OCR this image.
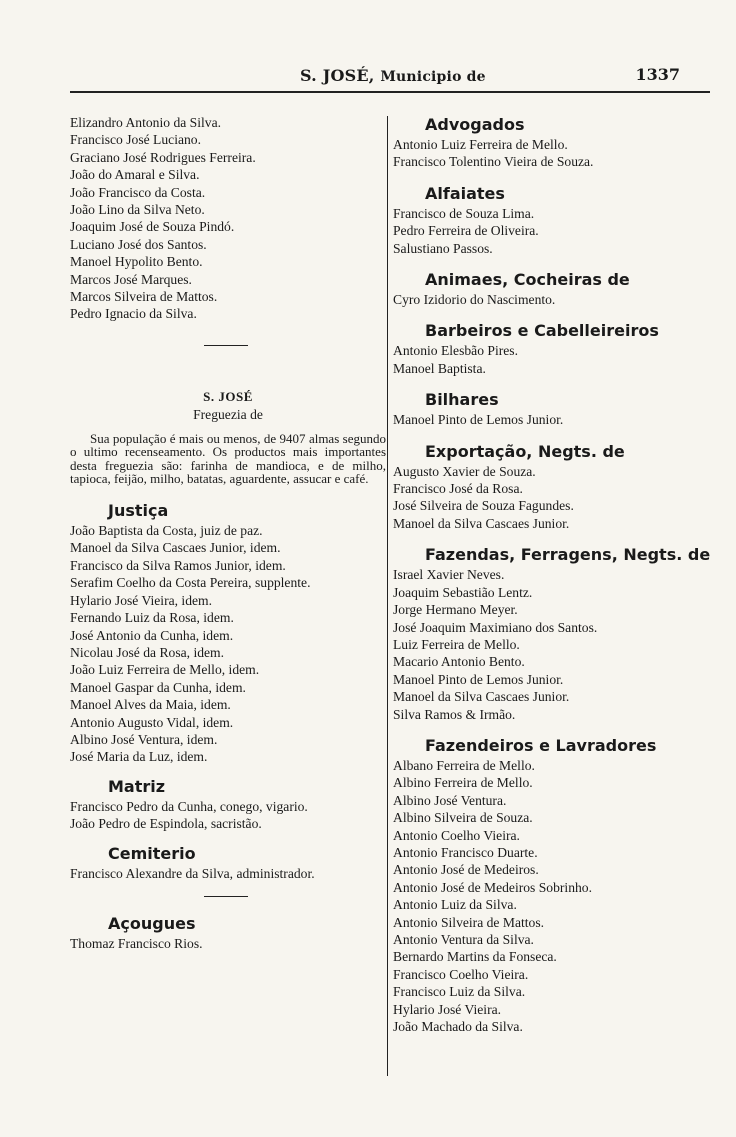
S. JOSÉ, Municipio de	1337
Elizandro Antonio da Silva.
Francisco José Luciano.
Graciano José Rodrigues Ferreira.
João do Amaral e Silva.
João Francisco da Costa.
João Lino da Silva Neto.
Joaquim José de Souza Pindó.
Luciano José dos Santos.
Manoel Hypolito Bento.
Marcos José Marques.
Marcos Silveira de Mattos.
Pedro Ignacio da Silva.
S. JOSÉ
Freguezia de
Sua população é mais ou menos, de 9407 almas segundo o ultimo recenseamento. Os productos mais importantes desta freguezia são: farinha de mandioca, e de milho, tapioca, feijão, milho, batatas, aguardente, assucar e café.
Justiça
João Baptista da Costa, juiz de paz.
Manoel da Silva Cascaes Junior, idem.
Francisco da Silva Ramos Junior, idem.
Serafim Coelho da Costa Pereira, supplente.
Hylario José Vieira, idem.
Fernando Luiz da Rosa, idem.
José Antonio da Cunha, idem.
Nicolau José da Rosa, idem.
João Luiz Ferreira de Mello, idem.
Manoel Gaspar da Cunha, idem.
Manoel Alves da Maia, idem.
Antonio Augusto Vidal, idem.
Albino José Ventura, idem.
José Maria da Luz, idem.
Matriz
Francisco Pedro da Cunha, conego, vigario.
João Pedro de Espindola, sacristão.
Cemiterio
Francisco Alexandre da Silva, administrador.
Açougues
Thomaz Francisco Rios.
Advogados
Antonio Luiz Ferreira de Mello.
Francisco Tolentino Vieira de Souza.
Alfaiates
Francisco de Souza Lima.
Pedro Ferreira de Oliveira.
Salustiano Passos.
Animaes, Cocheiras de
Cyro Izidorio do Nascimento.
Barbeiros e Cabelleireiros
Antonio Elesbão Pires.
Manoel Baptista.
Bilhares
Manoel Pinto de Lemos Junior.
Exportação, Negts. de
Augusto Xavier de Souza.
Francisco José da Rosa.
José Silveira de Souza Fagundes.
Manoel da Silva Cascaes Junior.
Fazendas, Ferragens, Negts. de
Israel Xavier Neves.
Joaquim Sebastião Lentz.
Jorge Hermano Meyer.
José Joaquim Maximiano dos Santos.
Luiz Ferreira de Mello.
Macario Antonio Bento.
Manoel Pinto de Lemos Junior.
Manoel da Silva Cascaes Junior.
Silva Ramos & Irmão.
Fazendeiros e Lavradores
Albano Ferreira de Mello.
Albino Ferreira de Mello.
Albino José Ventura.
Albino Silveira de Souza.
Antonio Coelho Vieira.
Antonio Francisco Duarte.
Antonio José de Medeiros.
Antonio José de Medeiros Sobrinho.
Antonio Luiz da Silva.
Antonio Silveira de Mattos.
Antonio Ventura da Silva.
Bernardo Martins da Fonseca.
Francisco Coelho Vieira.
Francisco Luiz da Silva.
Hylario José Vieira.
João Machado da Silva.
